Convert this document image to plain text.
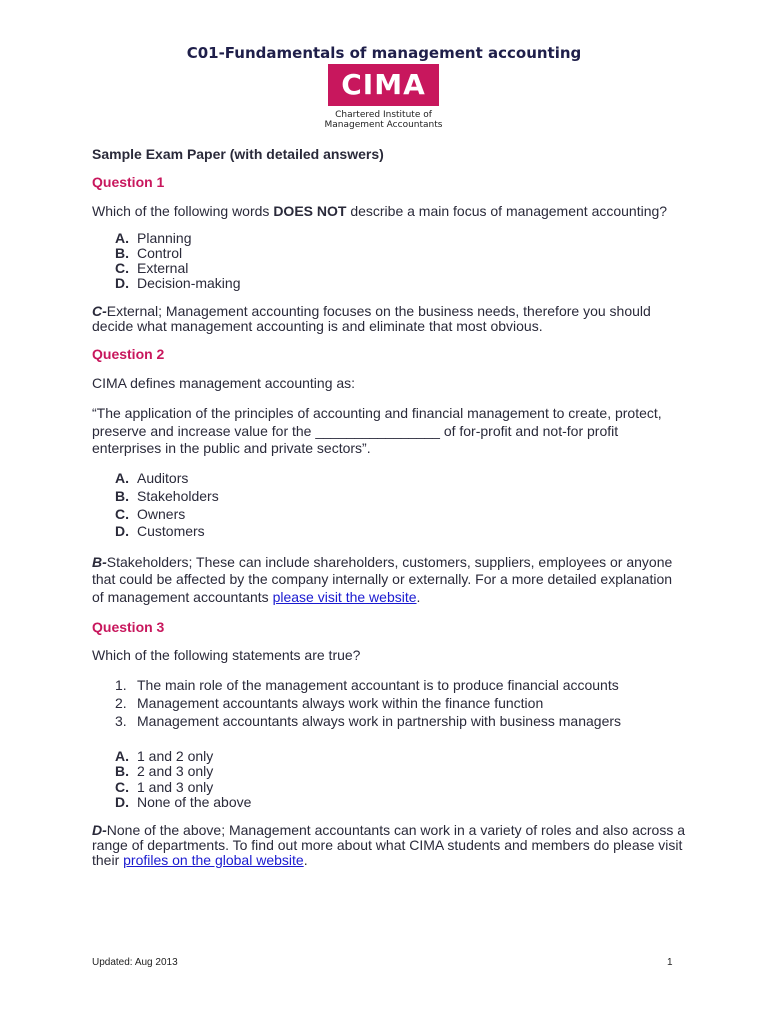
C01-Fundamentals of management accounting
CIMA
Chartered Institute of
Management Accountants
Sample Exam Paper (with detailed answers)
Question 1
Which of the following words DOES NOT describe a main focus of management accounting?
A. Planning
B. Control
C. External
D. Decision-making
C-External; Management accounting focuses on the business needs, therefore you should
decide what management accounting is and eliminate that most obvious.
Question 2
CIMA defines management accounting as:
“The application of the principles of accounting and financial management to create, protect,
preserve and increase value for the ________________ of for-profit and not-for profit
enterprises in the public and private sectors”.
A. Auditors
B. Stakeholders
C. Owners
D. Customers
B-Stakeholders; These can include shareholders, customers, suppliers, employees or anyone
that could be affected by the company internally or externally. For a more detailed explanation
of management accountants please visit the website.
Question 3
Which of the following statements are true?
1. The main role of the management accountant is to produce financial accounts
2. Management accountants always work within the finance function
3. Management accountants always work in partnership with business managers
A. 1 and 2 only
B. 2 and 3 only
C. 1 and 3 only
D. None of the above
D-None of the above; Management accountants can work in a variety of roles and also across a
range of departments. To find out more about what CIMA students and members do please visit
their profiles on the global website.
Updated: Aug 2013	1
